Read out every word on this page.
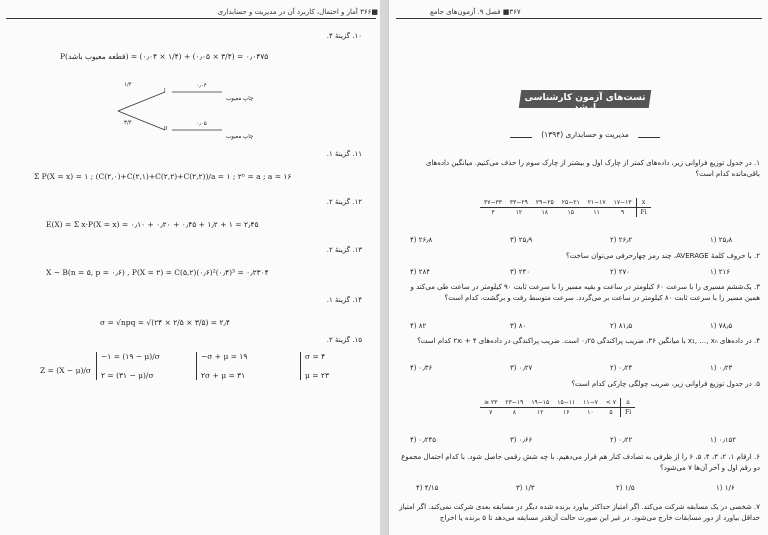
■۳۶۶ آمار و احتمال، کاربرد آن در مدیریت و حسابداری
۱۰. گزینهٔ ۴.
P(قطعه معیوب باشد) = (۱/۴ × ۰٫۰۴) + (۳/۴ × ۰٫۰۵) = ۰٫۰۴۷۵
۱/۴
۳/۴
I
II
۰٫۰۴
۰٫۰۵
چاپ معیوب
چاپ معیوب
۱۱. گزینهٔ ۱.
Σ P(X = x) = ۱ ; (C(۲,۰)+C(۲,۱)+C(۲,۲)+C(۲,۲))/a = ۱ ; ۲ⁿ = a ; a = ۱۶
۱۲. گزینهٔ ۲.
E(X) = Σ x·P(X = x) = ۰٫۱۰ + ۰٫۲۰ + ۰٫۴۵ + ۱٫۲ + ۱ = ۲٫۴۵
۱۳. گزینهٔ ۲.
X ~ B(n = ۵, p = ۰٫۶) , P(X = ۲) = C(۵,۲)(۰٫۶)²(۰٫۴)³ = ۰٫۲۳۰۴
۱۴. گزینهٔ ۱.
σ = √npq = √(۲۴ × ۲/۵ × ۳/۵) = ۲٫۴
۱۵. گزینهٔ ۲.
Z = (X − μ)/σ
−۱ = (۱۹ − μ)/σ
۲ = (۳۱ − μ)/σ
−σ + μ = ۱۹
۲σ + μ = ۳۱
σ = ۴
μ = ۲۳
۳۶۷■ فصل ۹. آزمون‌های جامع
تست‌های آزمون کارشناسی ارشد
مدیریت و حسابداری (۱۳۹۴)
۱. در جدول توزیع فراوانی زیر، داده‌های کمتر از چارک اول و بیشتر از چارک سوم را حذف می‌کنیم. میانگین داده‌های باقی‌مانده کدام است؟
x	۱۷−۱۳	۲۱−۱۷	۲۵−۲۱	۲۹−۲۵	۳۳−۲۹	۳۷−۳۳
Fi	۹	۱۱	۱۵	۱۸	۱۲	۳
۱) ۲۵٫۸
۲) ۲۶٫۲
۳) ۲۵٫۹
۴) ۲۶٫۸
۲. با حروف کلمهٔ AVERAGE، چند رمز چهارحرفی می‌توان ساخت؟
۱) ۲۱۶
۲) ۲۷۰
۳) ۲۴۰
۴) ۲۸۴
۳. یک‌ششم مسیری را با سرعت ۶۰ کیلومتر در ساعت و بقیه مسیر را با سرعت ثابت ۹۰ کیلومتر در ساعت طی می‌کند و همین مسیر را با سرعت ثابت ۸۰ کیلومتر در ساعت بر می‌گردد. سرعت متوسط رفت و برگشت، کدام است؟
۱) ۷۸٫۵
۲) ۸۱٫۵
۳) ۸۰
۴) ۸۲
۴. در داده‌های x₁, …, xₙ با میانگین ۳۶، ضریب پراکندگی ۰٫۲۵ است. ضریب پراکندگی در داده‌های ۲xᵢ + ۴ کدام است؟
۱) ۰٫۲۳
۲) ۰٫۲۴
۳) ۰٫۲۷
۴) ۰٫۳۶
۵. در جدول توزیع فراوانی زیر، ضریب چولگی چارکی کدام است؟
a	۷ >	۱۱−۷	۱۵−۱۱	۱۹−۱۵	۲۳−۱۹	۲۳ ≤
Fi	۵	۱۰	۱۶	۱۲	۸	۷
۱) ۰٫۱۵۲
۲) ۰٫۲۲
۳) ۰٫۶۶
۴) ۰٫۲۴۵
۶. ارقام ۱، ۲، ۳، ۴، ۵، ۶ را از ظرفی به تصادف کنار هم قرار می‌دهیم. با چه شش رقمی حاصل شود. با کدام احتمال مجموع دو رقم اول و آخر آن‌ها ۷ می‌شود؟
۱) ۱/۶
۲) ۱/۵
۳) ۱/۳
۴) ۴/۱۵
۷. شخصی در یک مسابقه شرکت می‌کند. اگر امتیاز حداکثر بیاورد برنده شده دیگر در مسابقه بعدی شرکت نمی‌کند. اگر امتیاز حداقل بیاورد از دور مسابقات خارج می‌شود. در غیر این صورت حالت آن‌قدر مسابقه می‌دهد تا ۵ برنده یا اخراج
